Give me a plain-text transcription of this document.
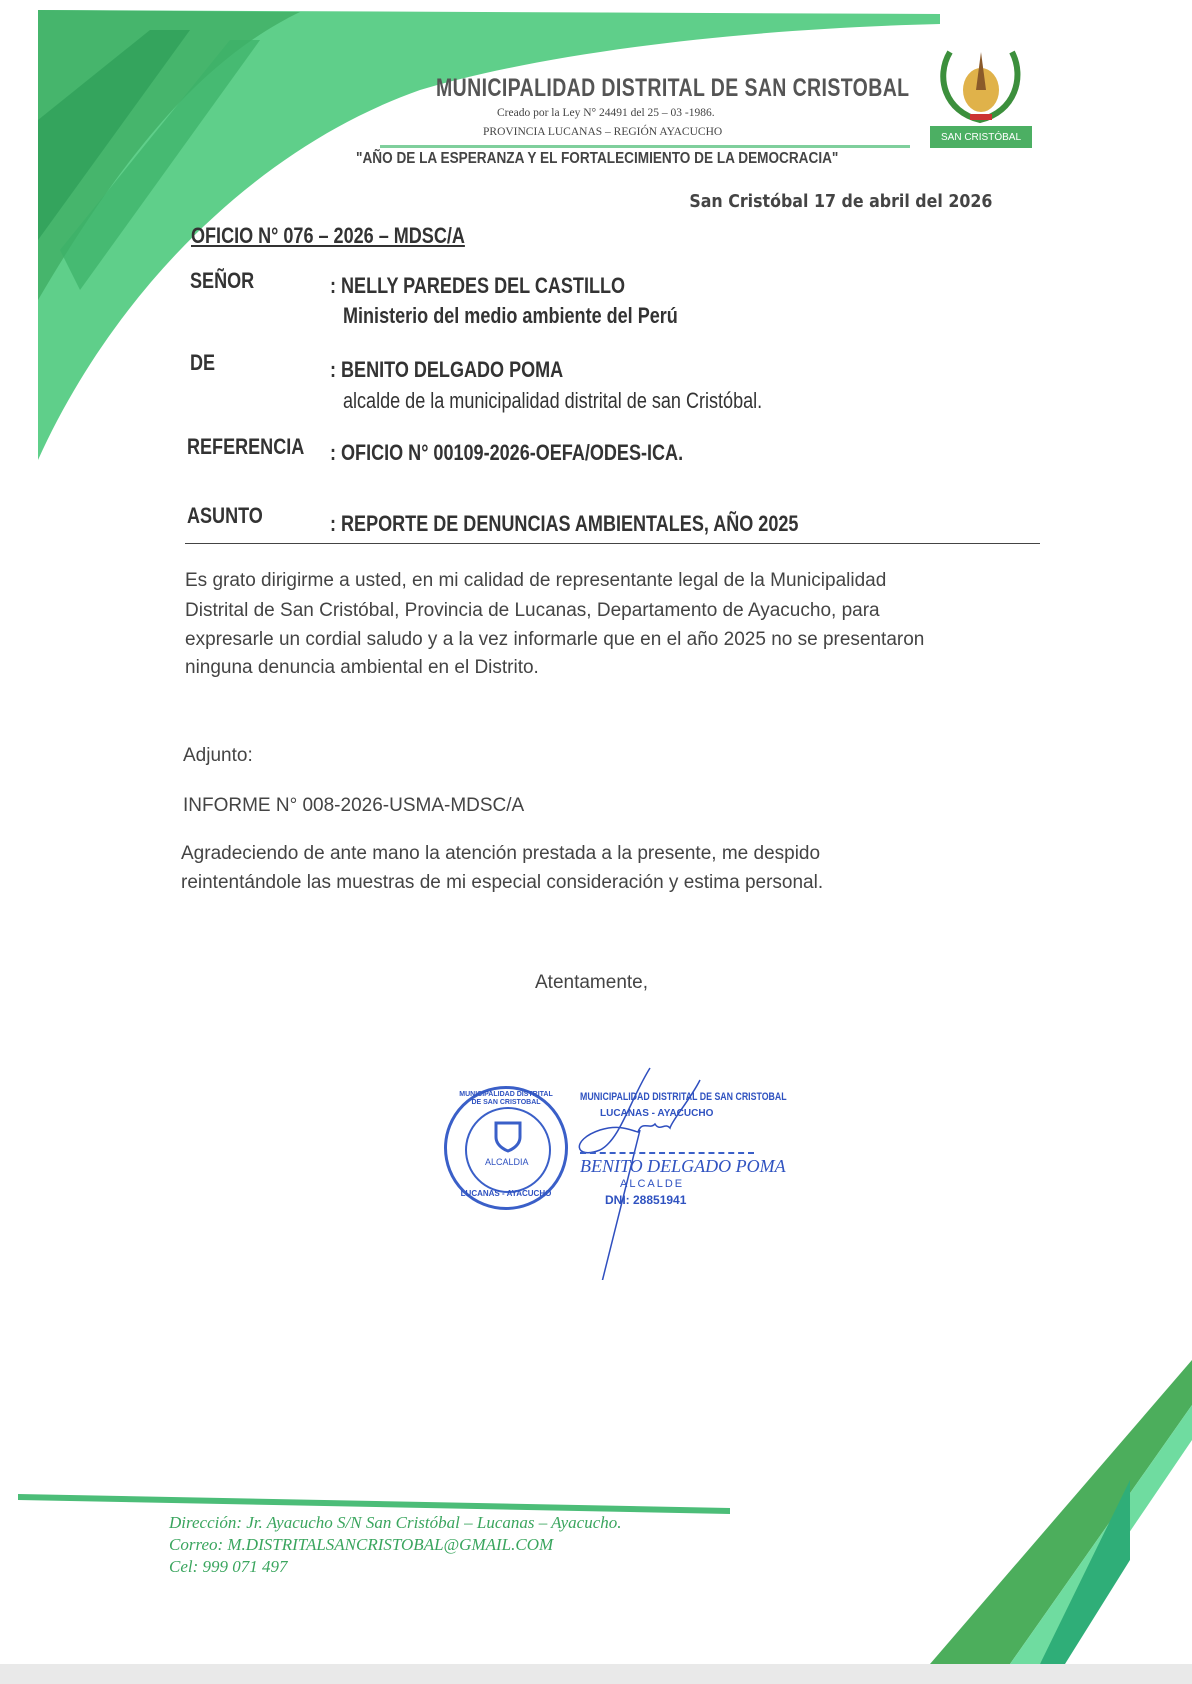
MUNICIPALIDAD DISTRITAL DE SAN CRISTOBAL
Creado por la Ley N° 24491 del 25 – 03 -1986.
PROVINCIA LUCANAS – REGIÓN AYACUCHO
"AÑO DE LA ESPERANZA Y EL FORTALECIMIENTO DE LA DEMOCRACIA"
SAN CRISTÓBAL
San Cristóbal 17 de abril del 2026
OFICIO N° 076 – 2026 – MDSC/A
SEÑOR	: NELLY PAREDES DEL CASTILLO
Ministerio del medio ambiente del Perú
DE	: BENITO DELGADO POMA
alcalde de la municipalidad distrital de san Cristóbal.
REFERENCIA : OFICIO N° 00109-2026-OEFA/ODES-ICA.
ASUNTO	: REPORTE DE DENUNCIAS AMBIENTALES, AÑO 2025
Es grato dirigirme a usted, en mi calidad de representante legal de la Municipalidad
Distrital de San Cristóbal, Provincia de Lucanas, Departamento de Ayacucho, para
expresarle un cordial saludo y a la vez informarle que en el año 2025 no se presentaron
ninguna denuncia ambiental en el Distrito.
Adjunto:
INFORME N° 008-2026-USMA-MDSC/A
Agradeciendo de ante mano la atención prestada a la presente, me despido
reintentándole las muestras de mi especial consideración y estima personal.
Atentamente,
MUNICIPALIDAD DISTRITAL DE SAN CRISTOBAL
ALCALDIA
LUCANAS - AYACUCHO
MUNICIPALIDAD DISTRITAL DE SAN CRISTOBAL
LUCANAS - AYACUCHO
BENITO DELGADO POMA
ALCALDE
DNI: 28851941
Dirección: Jr. Ayacucho S/N San Cristóbal – Lucanas – Ayacucho.
Correo: M.DISTRITALSANCRISTOBAL@GMAIL.COM
Cel: 999 071 497
